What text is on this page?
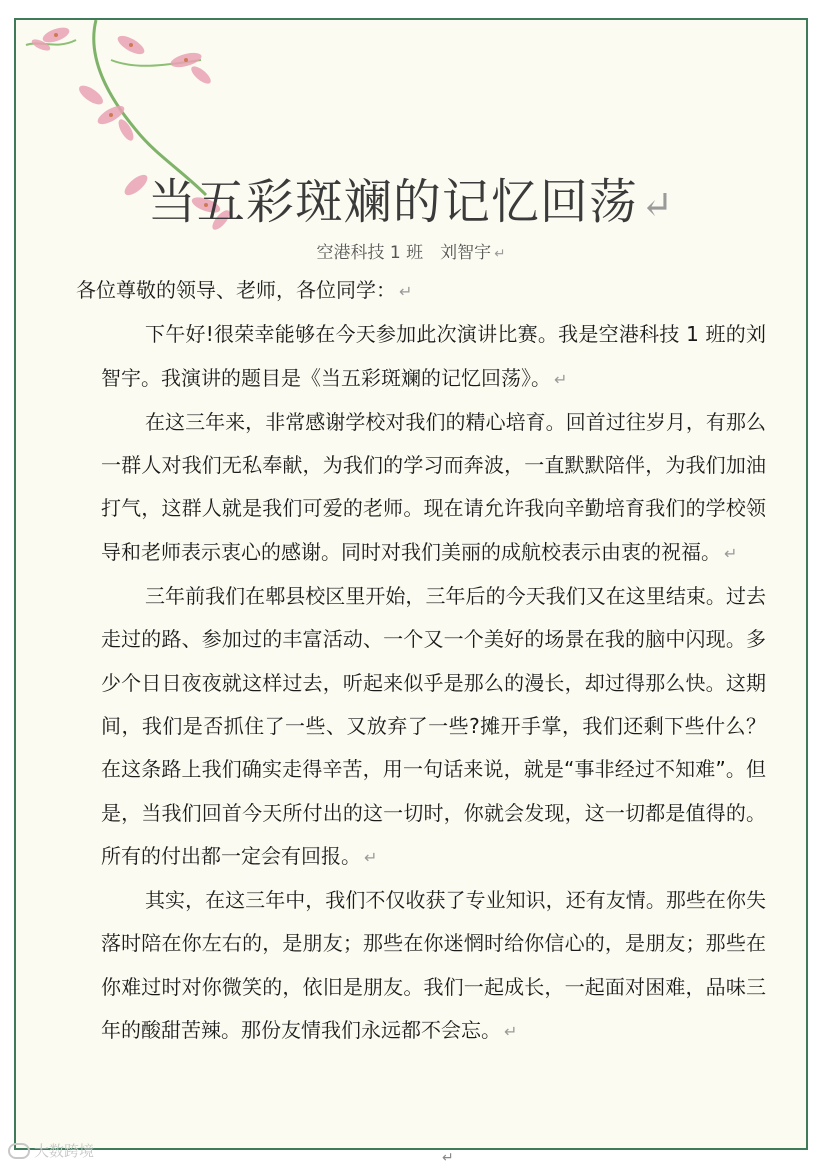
当五彩斑斓的记忆回荡↵
空港科技 1 班　刘智宇 ↵

各位尊敬的领导、老师，各位同学： ↵

下午好!很荣幸能够在今天参加此次演讲比赛。我是空港科技 1 班的刘智宇。我演讲的题目是《当五彩斑斓的记忆回荡》。 ↵

在这三年来，非常感谢学校对我们的精心培育。回首过往岁月，有那么一群人对我们无私奉献，为我们的学习而奔波，一直默默陪伴，为我们加油打气，这群人就是我们可爱的老师。现在请允许我向辛勤培育我们的学校领导和老师表示衷心的感谢。同时对我们美丽的成航校表示由衷的祝福。 ↵

三年前我们在郫县校区里开始，三年后的今天我们又在这里结束。过去走过的路、参加过的丰富活动、一个又一个美好的场景在我的脑中闪现。多少个日日夜夜就这样过去，听起来似乎是那么的漫长，却过得那么快。这期间，我们是否抓住了一些、又放弃了一些?摊开手掌，我们还剩下些什么？在这条路上我们确实走得辛苦，用一句话来说，就是“事非经过不知难”。但是，当我们回首今天所付出的这一切时，你就会发现，这一切都是值得的。所有的付出都一定会有回报。 ↵

其实，在这三年中，我们不仅收获了专业知识，还有友情。那些在你失落时陪在你左右的，是朋友；那些在你迷惘时给你信心的，是朋友；那些在你难过时对你微笑的，依旧是朋友。我们一起成长，一起面对困难，品味三年的酸甜苦辣。那份友情我们永远都不会忘。 ↵

↵
大数跨境
